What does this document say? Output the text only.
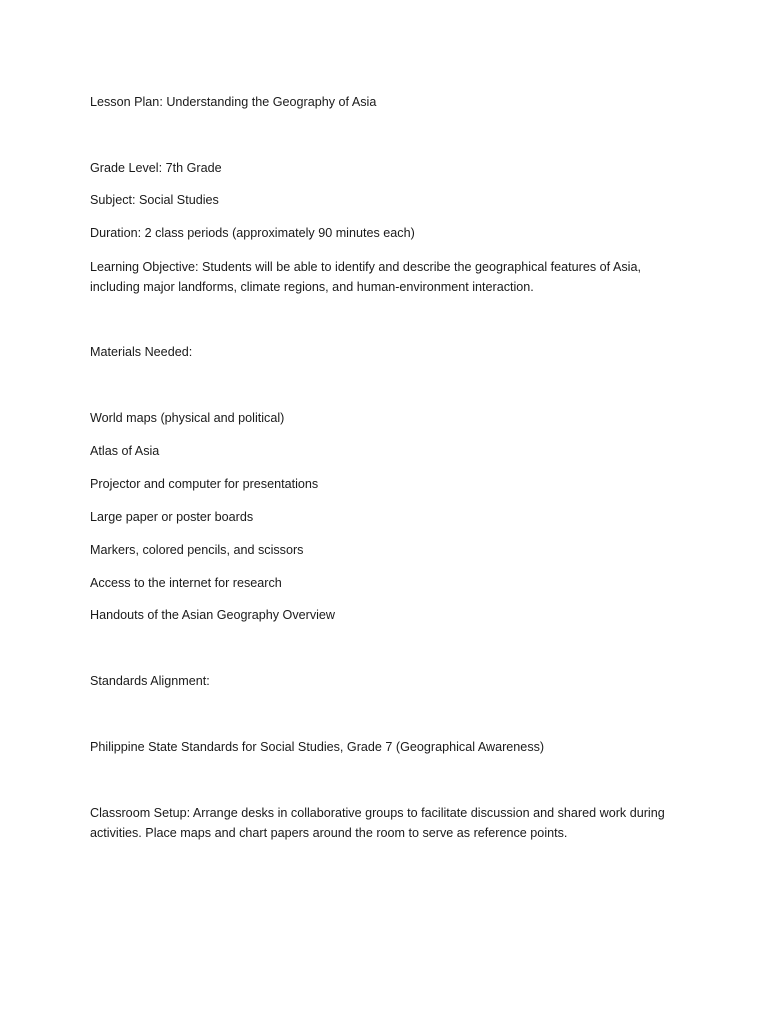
Lesson Plan: Understanding the Geography of Asia

Grade Level: 7th Grade

Subject: Social Studies

Duration: 2 class periods (approximately 90 minutes each)

Learning Objective: Students will be able to identify and describe the geographical features of Asia, including major landforms, climate regions, and human-environment interaction.

Materials Needed:

World maps (physical and political)

Atlas of Asia

Projector and computer for presentations

Large paper or poster boards

Markers, colored pencils, and scissors

Access to the internet for research

Handouts of the Asian Geography Overview

Standards Alignment:

Philippine State Standards for Social Studies, Grade 7 (Geographical Awareness)

Classroom Setup: Arrange desks in collaborative groups to facilitate discussion and shared work during activities. Place maps and chart papers around the room to serve as reference points.
